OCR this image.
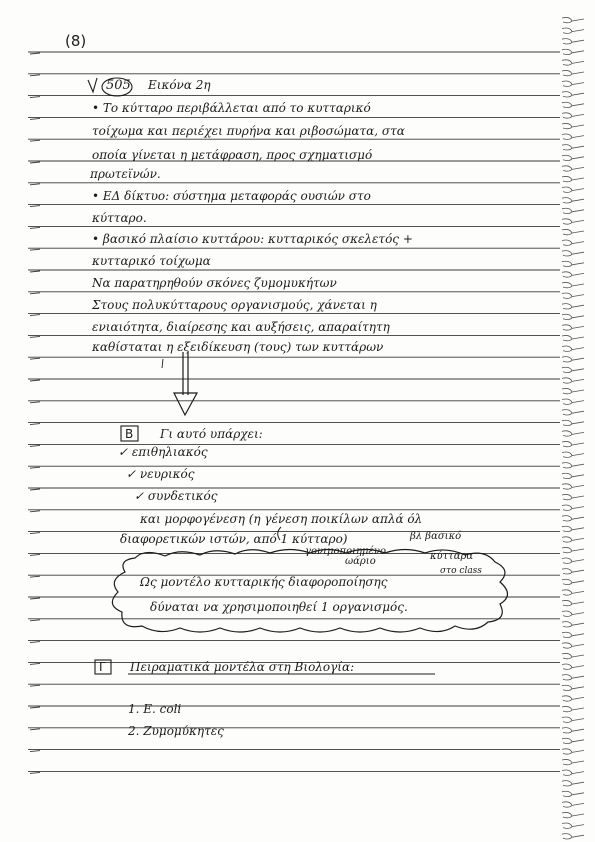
(8)
505 Εικόνα 2η
• Το κύτταρο περιβάλλεται από το κυτταρικό
τοίχωμα και περιέχει πυρήνα και ριβοσώματα, στα
οποία γίνεται η μετάφραση, προς σχηματισμό
πρωτεϊνών.
• ΕΔ δίκτυο: σύστημα μεταφοράς ουσιών στο
κύτταρο.
• βασικό πλαίσιο κυττάρου: κυτταρικός σκελετός +
κυτταρικό τοίχωμα
Να παρατηρηθούν σκόνες ζυμομυκήτων
Στους πολυκύτταρους οργανισμούς, χάνεται η
ενιαιότητα, διαίρεσης και αυξήσεις, απαραίτητη
καθίσταται η εξειδίκευση (τους) των κυττάρων
Β Γι αυτό υπάρχει:
✓ επιθηλιακός
✓ νευρικός
✓ συνδετικός
και μορφογένεση (η γένεση ποικίλων απλά όλ
διαφορετικών ιστών, από 1 κύτταρο)	βλ βασικό
γονιμοποιημένο
ωάριο	κύτταρα
στο class
Ως μοντέλο κυτταρικής διαφοροποίησης
δύναται να χρησιμοποιηθεί 1 οργανισμός.
Γ Πειραματικά μοντέλα στη Βιολογία:
1. E. coli
2. Ζυμομύκητες
